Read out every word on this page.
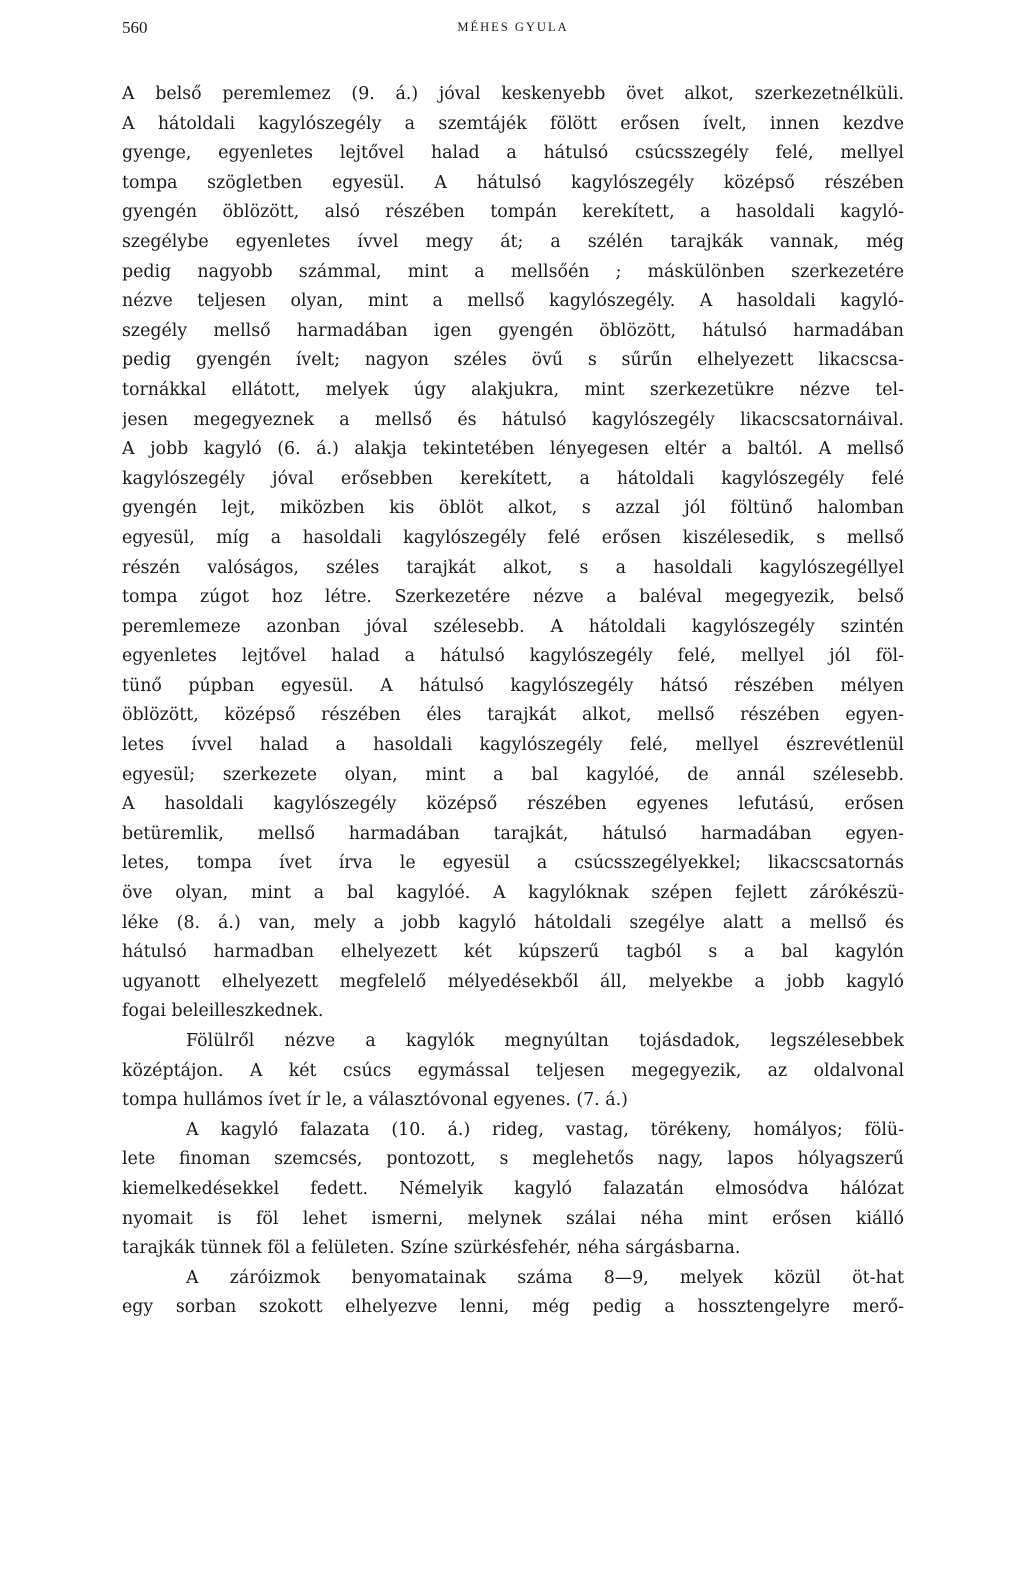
560	MÉHES GYULA
A belső peremlemez (9. á.) jóval keskenyebb övet alkot, szerkezetnélküli.
A hátoldali kagylószegély a szemtájék fölött erősen ívelt, innen kezdve
gyenge, egyenletes lejtővel halad a hátulsó csúcsszegély felé, mellyel
tompa szögletben egyesül. A hátulsó kagylószegély középső részében
gyengén öblözött, alsó részében tompán kerekített, a hasoldali kagyló-
szegélybe egyenletes ívvel megy át; a szélén tarajkák vannak, még
pedig nagyobb számmal, mint a mellsőén ; máskülönben szerkezetére
nézve teljesen olyan, mint a mellső kagylószegély. A hasoldali kagyló-
szegély mellső harmadában igen gyengén öblözött, hátulsó harmadában
pedig gyengén ívelt; nagyon széles övű s sűrűn elhelyezett likacscsa-
tornákkal ellátott, melyek úgy alakjukra, mint szerkezetükre nézve tel-
jesen megegyeznek a mellső és hátulsó kagylószegély likacscsatornáival.
A jobb kagyló (6. á.) alakja tekintetében lényegesen eltér a baltól. A mellső
kagylószegély jóval erősebben kerekített, a hátoldali kagylószegély felé
gyengén lejt, miközben kis öblöt alkot, s azzal jól föltünő halomban
egyesül, míg a hasoldali kagylószegély felé erősen kiszélesedik, s mellső
részén valóságos, széles tarajkát alkot, s a hasoldali kagylószegéllyel
tompa zúgot hoz létre. Szerkezetére nézve a baléval megegyezik, belső
peremlemeze azonban jóval szélesebb. A hátoldali kagylószegély szintén
egyenletes lejtővel halad a hátulsó kagylószegély felé, mellyel jól föl-
tünő púpban egyesül. A hátulsó kagylószegély hátsó részében mélyen
öblözött, középső részében éles tarajkát alkot, mellső részében egyen-
letes ívvel halad a hasoldali kagylószegély felé, mellyel észrevétlenül
egyesül; szerkezete olyan, mint a bal kagylóé, de annál szélesebb.
A hasoldali kagylószegély középső részében egyenes lefutású, erősen
betüremlik, mellső harmadában tarajkát, hátulsó harmadában egyen-
letes, tompa ívet írva le egyesül a csúcsszegélyekkel; likacscsatornás
öve olyan, mint a bal kagylóé. A kagylóknak szépen fejlett zárókészü-
léke (8. á.) van, mely a jobb kagyló hátoldali szegélye alatt a mellső és
hátulsó harmadban elhelyezett két kúpszerű tagból s a bal kagylón
ugyanott elhelyezett megfelelő mélyedésekből áll, melyekbe a jobb kagyló
fogai beleilleszkednek.
Fölülről nézve a kagylók megnyúltan tojásdadok, legszélesebbek
középtájon. A két csúcs egymással teljesen megegyezik, az oldalvonal
tompa hullámos ívet ír le, a választóvonal egyenes. (7. á.)
A kagyló falazata (10. á.) rideg, vastag, törékeny, homályos; fölü-
lete finoman szemcsés, pontozott, s meglehetős nagy, lapos hólyagszerű
kiemelkedésekkel fedett. Némelyik kagyló falazatán elmosódva hálózat
nyomait is föl lehet ismerni, melynek szálai néha mint erősen kiálló
tarajkák tünnek föl a felületen. Színe szürkésfehér, néha sárgásbarna.
A záróizmok benyomatainak száma 8—9, melyek közül öt-hat
egy sorban szokott elhelyezve lenni, még pedig a hossztengelyre merő-
